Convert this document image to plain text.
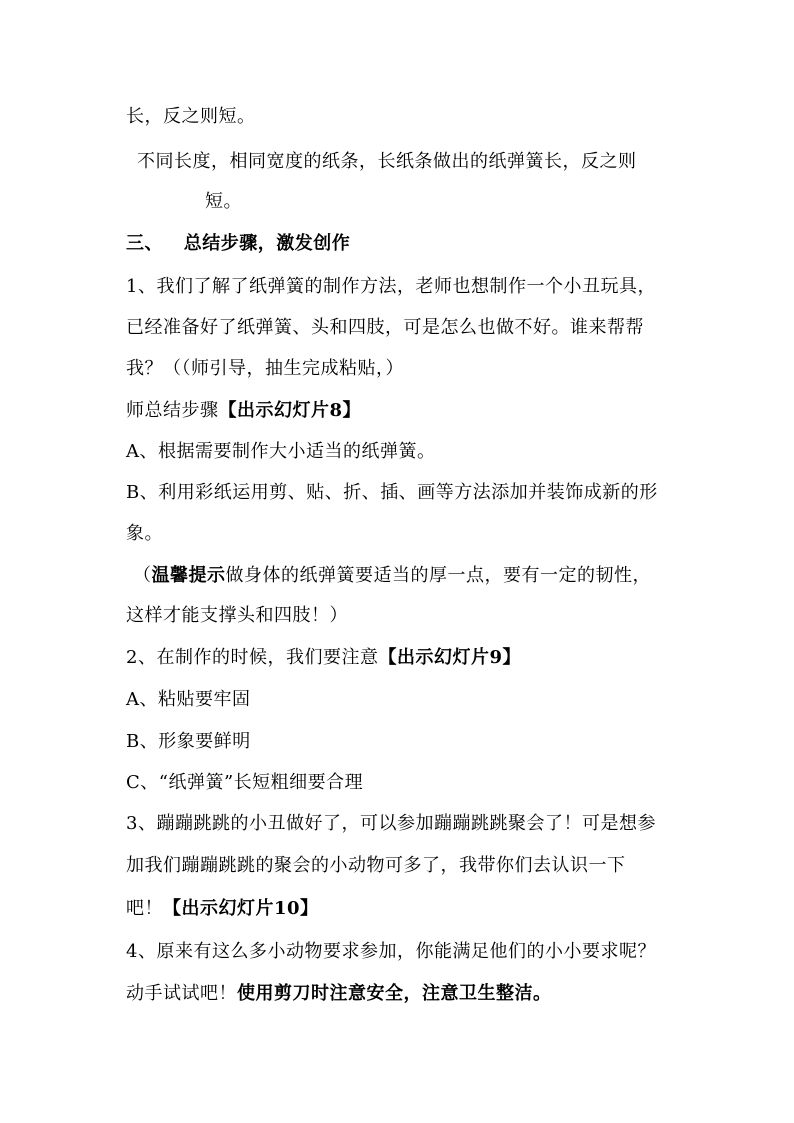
长，反之则短。
不同长度，相同宽度的纸条，长纸条做出的纸弹簧长，反之则
短。
三、 总结步骤，激发创作
1、我们了解了纸弹簧的制作方法，老师也想制作一个小丑玩具，
已经准备好了纸弹簧、头和四肢，可是怎么也做不好。谁来帮帮
我？（（师引导，抽生完成粘贴，）
师总结步骤【出示幻灯片8】
A、根据需要制作大小适当的纸弹簧。
B、利用彩纸运用剪、贴、折、插、画等方法添加并装饰成新的形
象。
（温馨提示做身体的纸弹簧要适当的厚一点，要有一定的韧性，
这样才能支撑头和四肢！）
2、在制作的时候，我们要注意【出示幻灯片9】
A、粘贴要牢固
B、形象要鲜明
C、“纸弹簧”长短粗细要合理
3、蹦蹦跳跳的小丑做好了，可以参加蹦蹦跳跳聚会了！可是想参
加我们蹦蹦跳跳的聚会的小动物可多了，我带你们去认识一下
吧！【出示幻灯片10】
4、原来有这么多小动物要求参加，你能满足他们的小小要求呢？
动手试试吧！使用剪刀时注意安全，注意卫生整洁。
